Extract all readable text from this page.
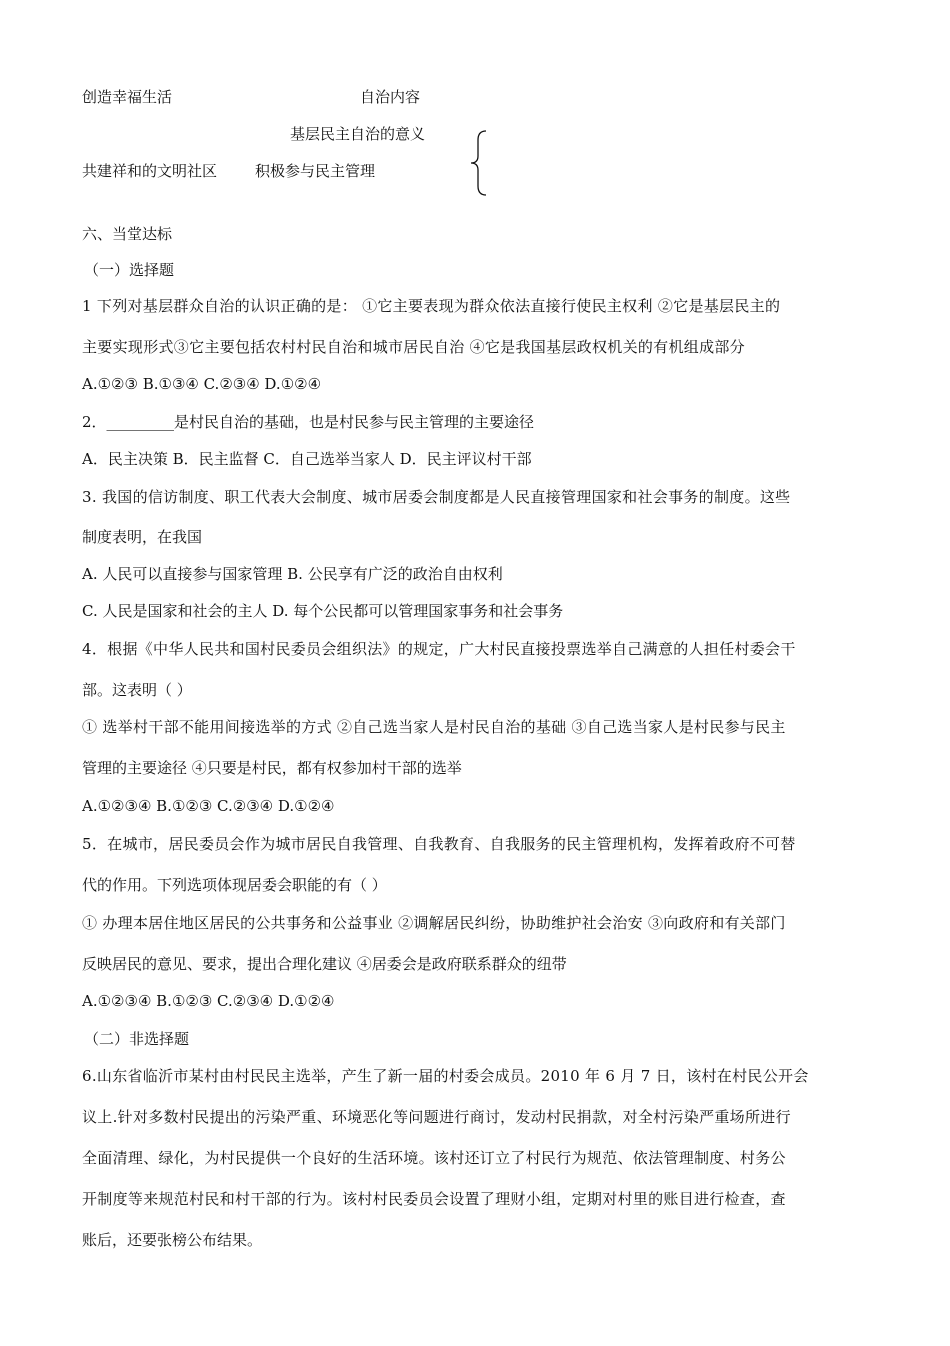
创造幸福生活	自治内容
基层民主自治的意义
共建祥和的文明社区	积极参与民主管理
六、当堂达标
（一）选择题
1 下列对基层群众自治的认识正确的是： ①它主要表现为群众依法直接行使民主权利 ②它是基层民主的
主要实现形式③它主要包括农村村民自治和城市居民自治 ④它是我国基层政权机关的有机组成部分
A.①②③ B.①③④ C.②③④ D.①②④
2．_________是村民自治的基础，也是村民参与民主管理的主要途径
A．民主决策 B．民主监督 C．自己选举当家人 D．民主评议村干部
3. 我国的信访制度、职工代表大会制度、城市居委会制度都是人民直接管理国家和社会事务的制度。这些
制度表明，在我国
A. 人民可以直接参与国家管理 B. 公民享有广泛的政治自由权利
C. 人民是国家和社会的主人 D. 每个公民都可以管理国家事务和社会事务
4．根据《中华人民共和国村民委员会组织法》的规定，广大村民直接投票选举自己满意的人担任村委会干
部。这表明（ ）
① 选举村干部不能用间接选举的方式 ②自己选当家人是村民自治的基础 ③自己选当家人是村民参与民主
管理的主要途径 ④只要是村民，都有权参加村干部的选举
A.①②③④ B.①②③ C.②③④ D.①②④
5．在城市，居民委员会作为城市居民自我管理、自我教育、自我服务的民主管理机构，发挥着政府不可替
代的作用。下列选项体现居委会职能的有（ ）
① 办理本居住地区居民的公共事务和公益事业 ②调解居民纠纷，协助维护社会治安 ③向政府和有关部门
反映居民的意见、要求，提出合理化建议 ④居委会是政府联系群众的纽带
A.①②③④ B.①②③ C.②③④ D.①②④
（二）非选择题
6.山东省临沂市某村由村民民主选举，产生了新一届的村委会成员。2010 年 6 月 7 日，该村在村民公开会
议上.针对多数村民提出的污染严重、环境恶化等问题进行商讨，发动村民捐款，对全村污染严重场所进行
全面清理、绿化，为村民提供一个良好的生活环境。该村还订立了村民行为规范、依法管理制度、村务公
开制度等来规范村民和村干部的行为。该村村民委员会设置了理财小组，定期对村里的账目进行检查，查
账后，还要张榜公布结果。
